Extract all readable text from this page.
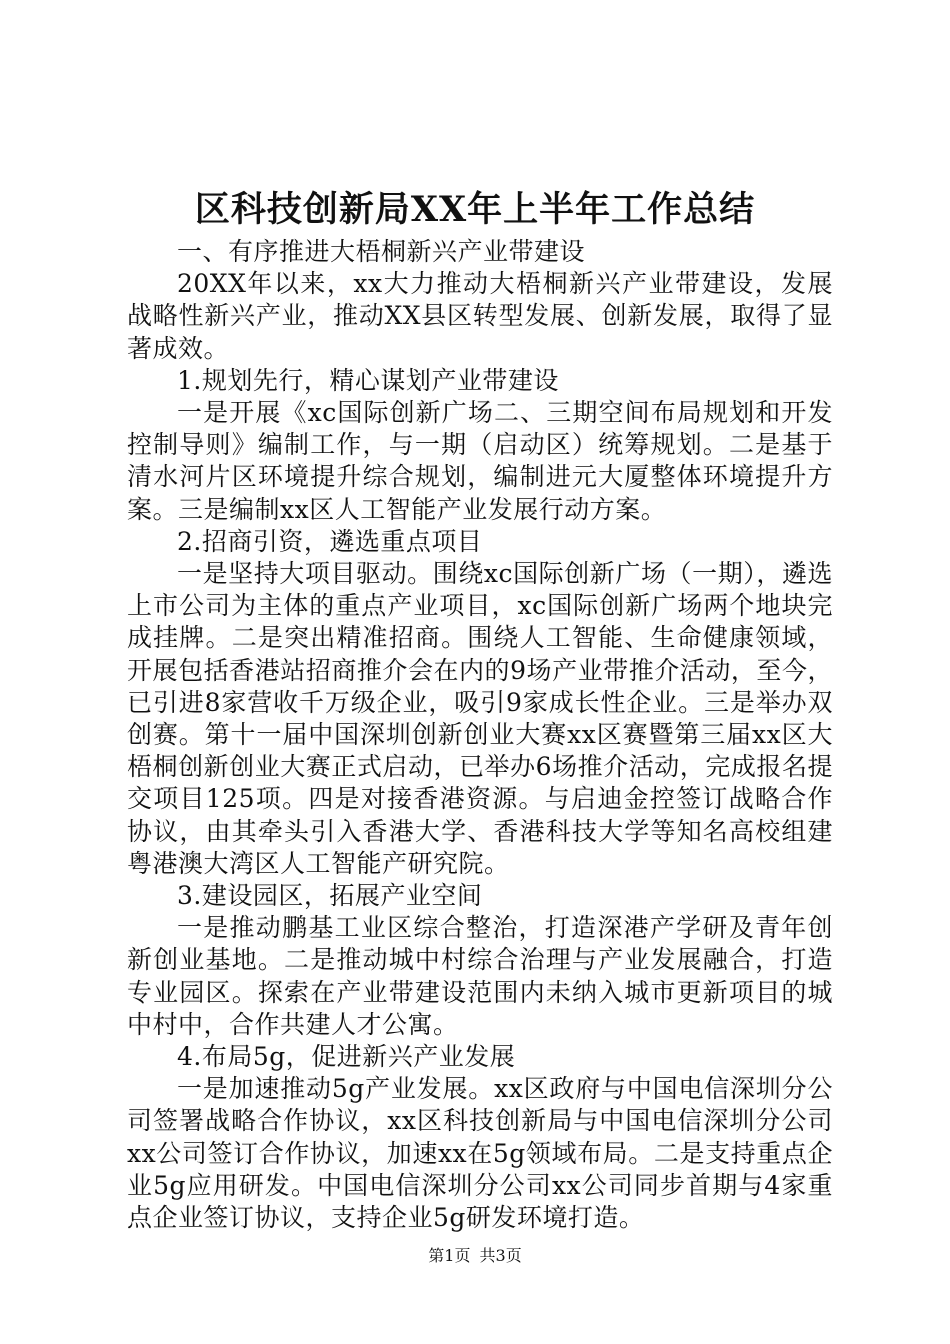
区科技创新局XX年上半年工作总结

一、有序推进大梧桐新兴产业带建设

20XX年以来，xx大力推动大梧桐新兴产业带建设，发展战略性新兴产业，推动XX县区转型发展、创新发展，取得了显著成效。

1.规划先行，精心谋划产业带建设

一是开展《xc国际创新广场二、三期空间布局规划和开发控制导则》编制工作，与一期（启动区）统筹规划。二是基于清水河片区环境提升综合规划，编制进元大厦整体环境提升方案。三是编制xx区人工智能产业发展行动方案。

2.招商引资，遴选重点项目

一是坚持大项目驱动。围绕xc国际创新广场（一期），遴选上市公司为主体的重点产业项目，xc国际创新广场两个地块完成挂牌。二是突出精准招商。围绕人工智能、生命健康领域，开展包括香港站招商推介会在内的9场产业带推介活动，至今，已引进8家营收千万级企业，吸引9家成长性企业。三是举办双创赛。第十一届中国深圳创新创业大赛xx区赛暨第三届xx区大梧桐创新创业大赛正式启动，已举办6场推介活动，完成报名提交项目125项。四是对接香港资源。与启迪金控签订战略合作协议，由其牵头引入香港大学、香港科技大学等知名高校组建粤港澳大湾区人工智能产研究院。

3.建设园区，拓展产业空间

一是推动鹏基工业区综合整治，打造深港产学研及青年创新创业基地。二是推动城中村综合治理与产业发展融合，打造专业园区。探索在产业带建设范围内未纳入城市更新项目的城中村中，合作共建人才公寓。

4.布局5g，促进新兴产业发展

一是加速推动5g产业发展。xx区政府与中国电信深圳分公司签署战略合作协议，xx区科技创新局与中国电信深圳分公司xx公司签订合作协议，加速xx在5g领域布局。二是支持重点企业5g应用研发。中国电信深圳分公司xx公司同步首期与4家重点企业签订协议，支持企业5g研发环境打造。

第1页 共3页
